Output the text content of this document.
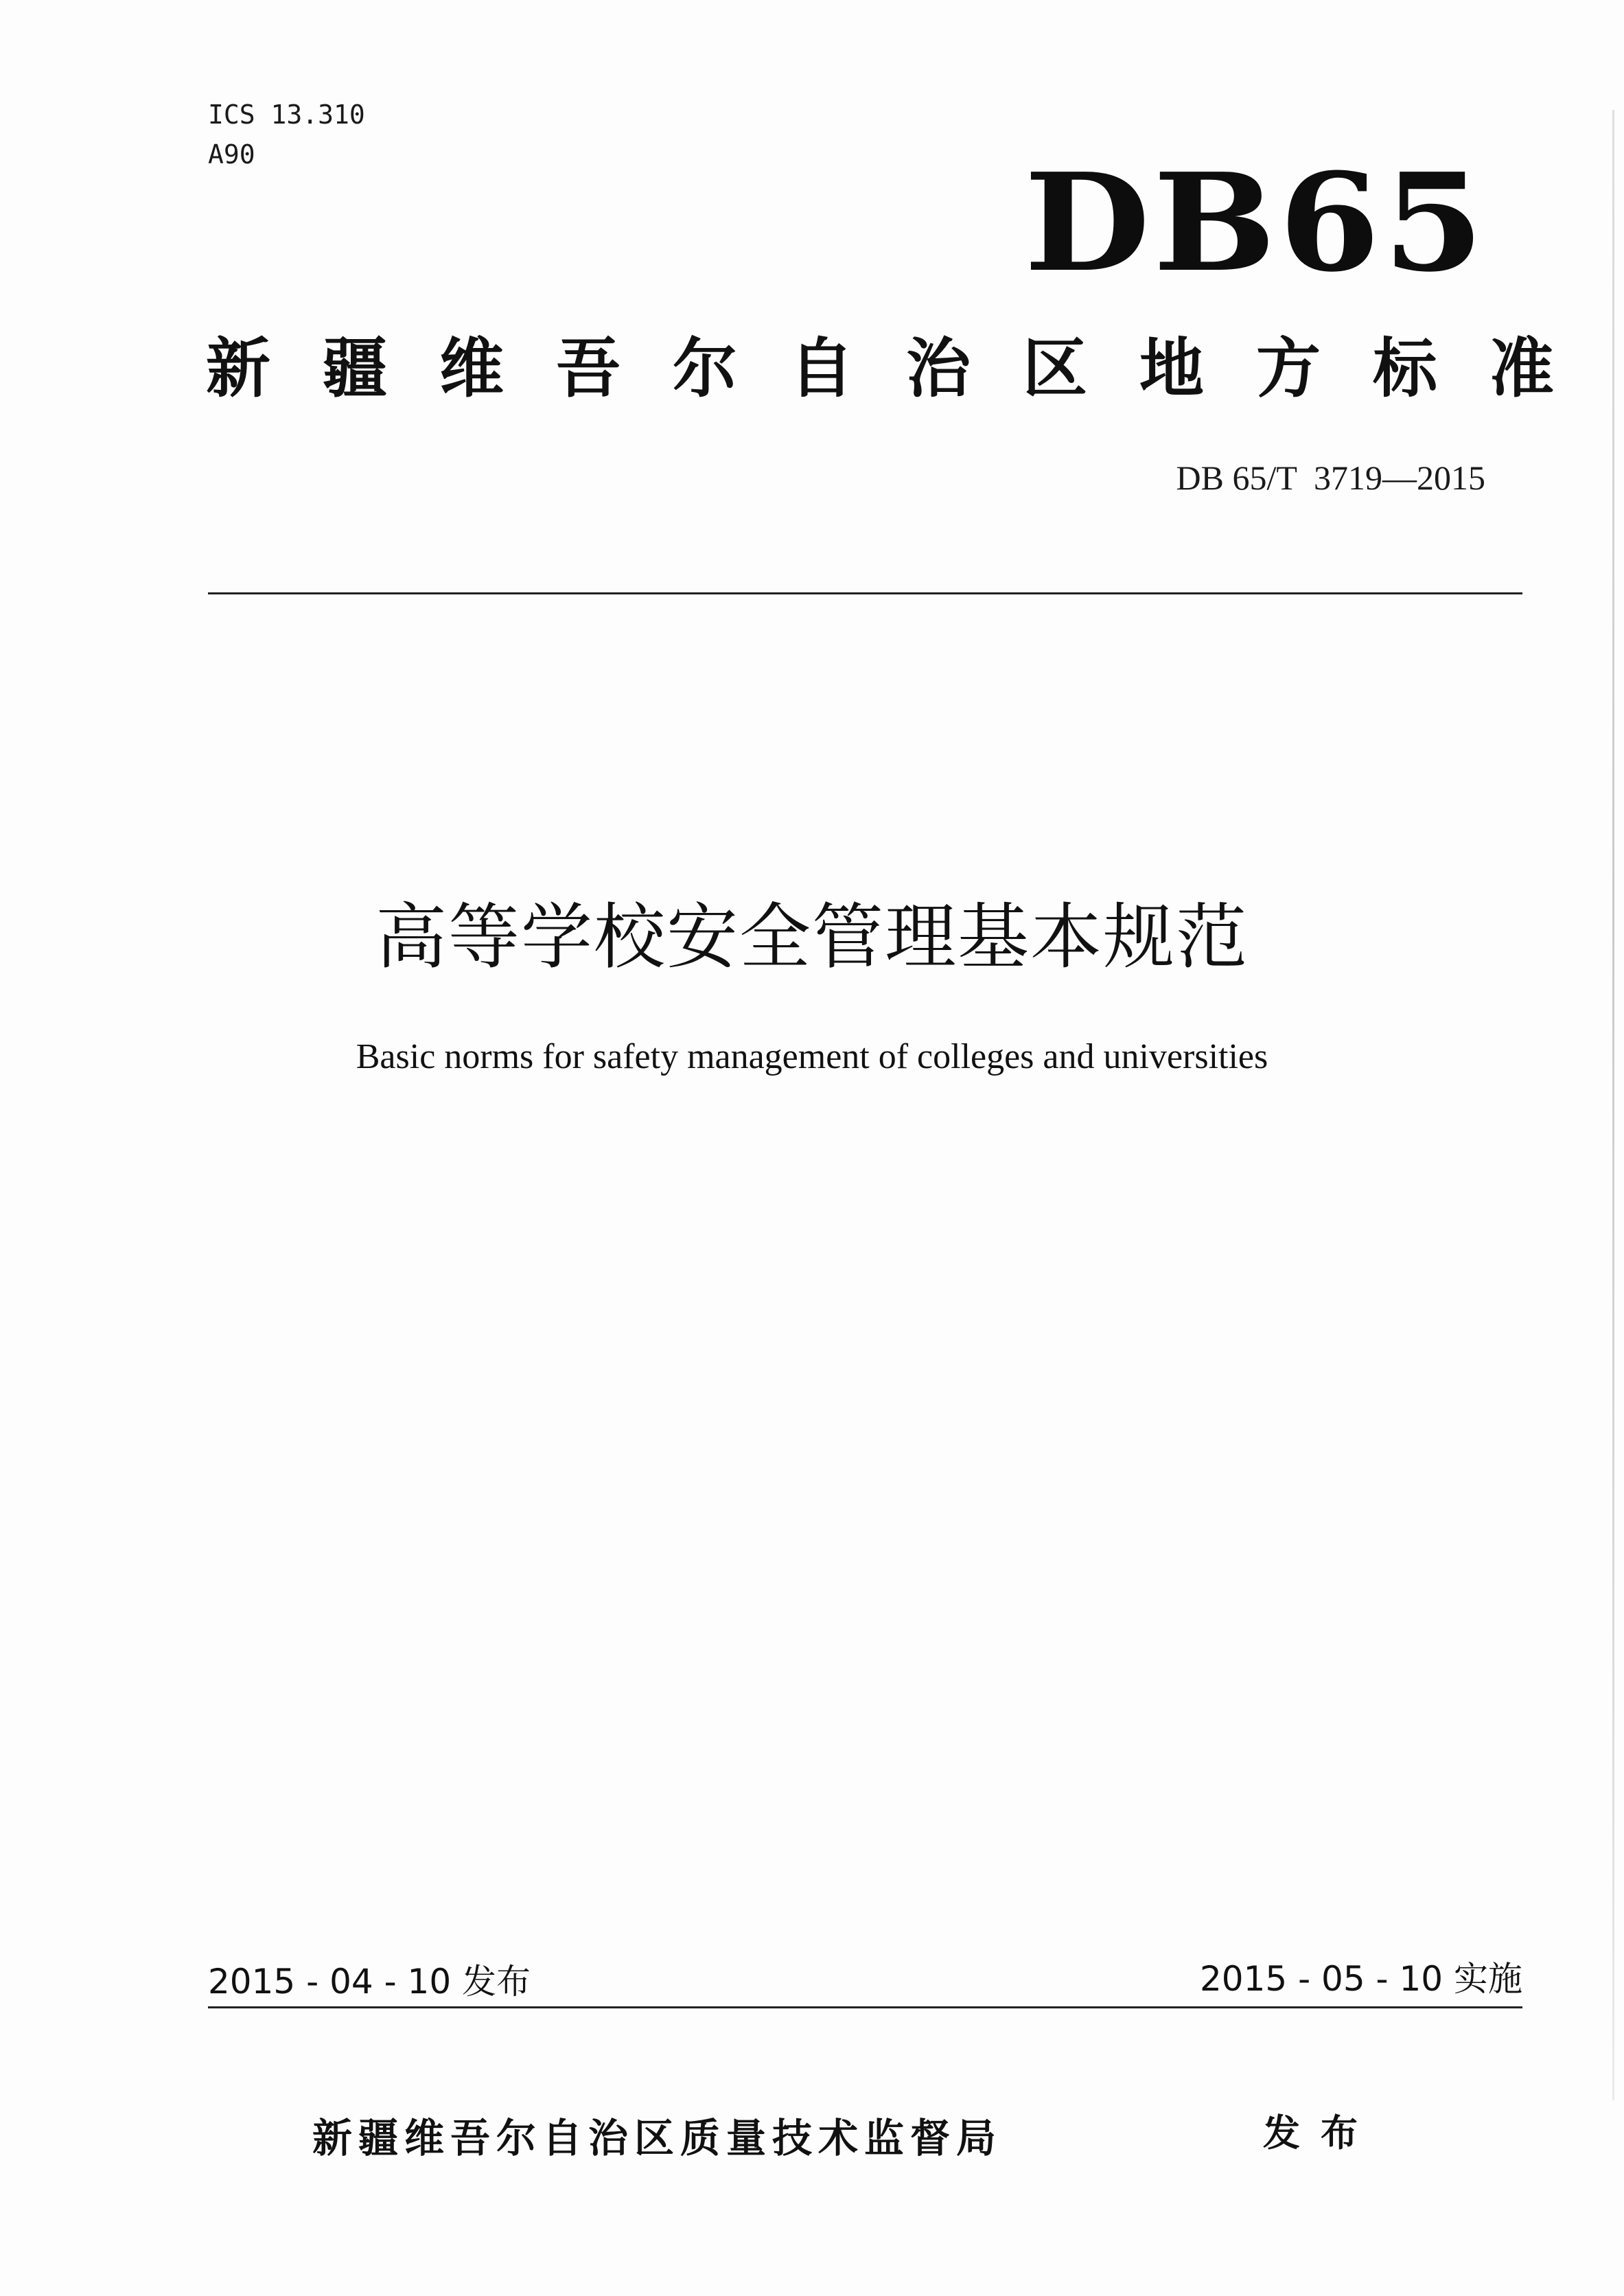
ICS 13.310
A90	DB65
新疆维吾尔自治区地方标准
DB 65/T  3719—2015
高等学校安全管理基本规范
Basic norms for safety management of colleges and universities
2015 - 04 - 10 发布	2015 - 05 - 10 实施
新疆维吾尔自治区质量技术监督局	发布
